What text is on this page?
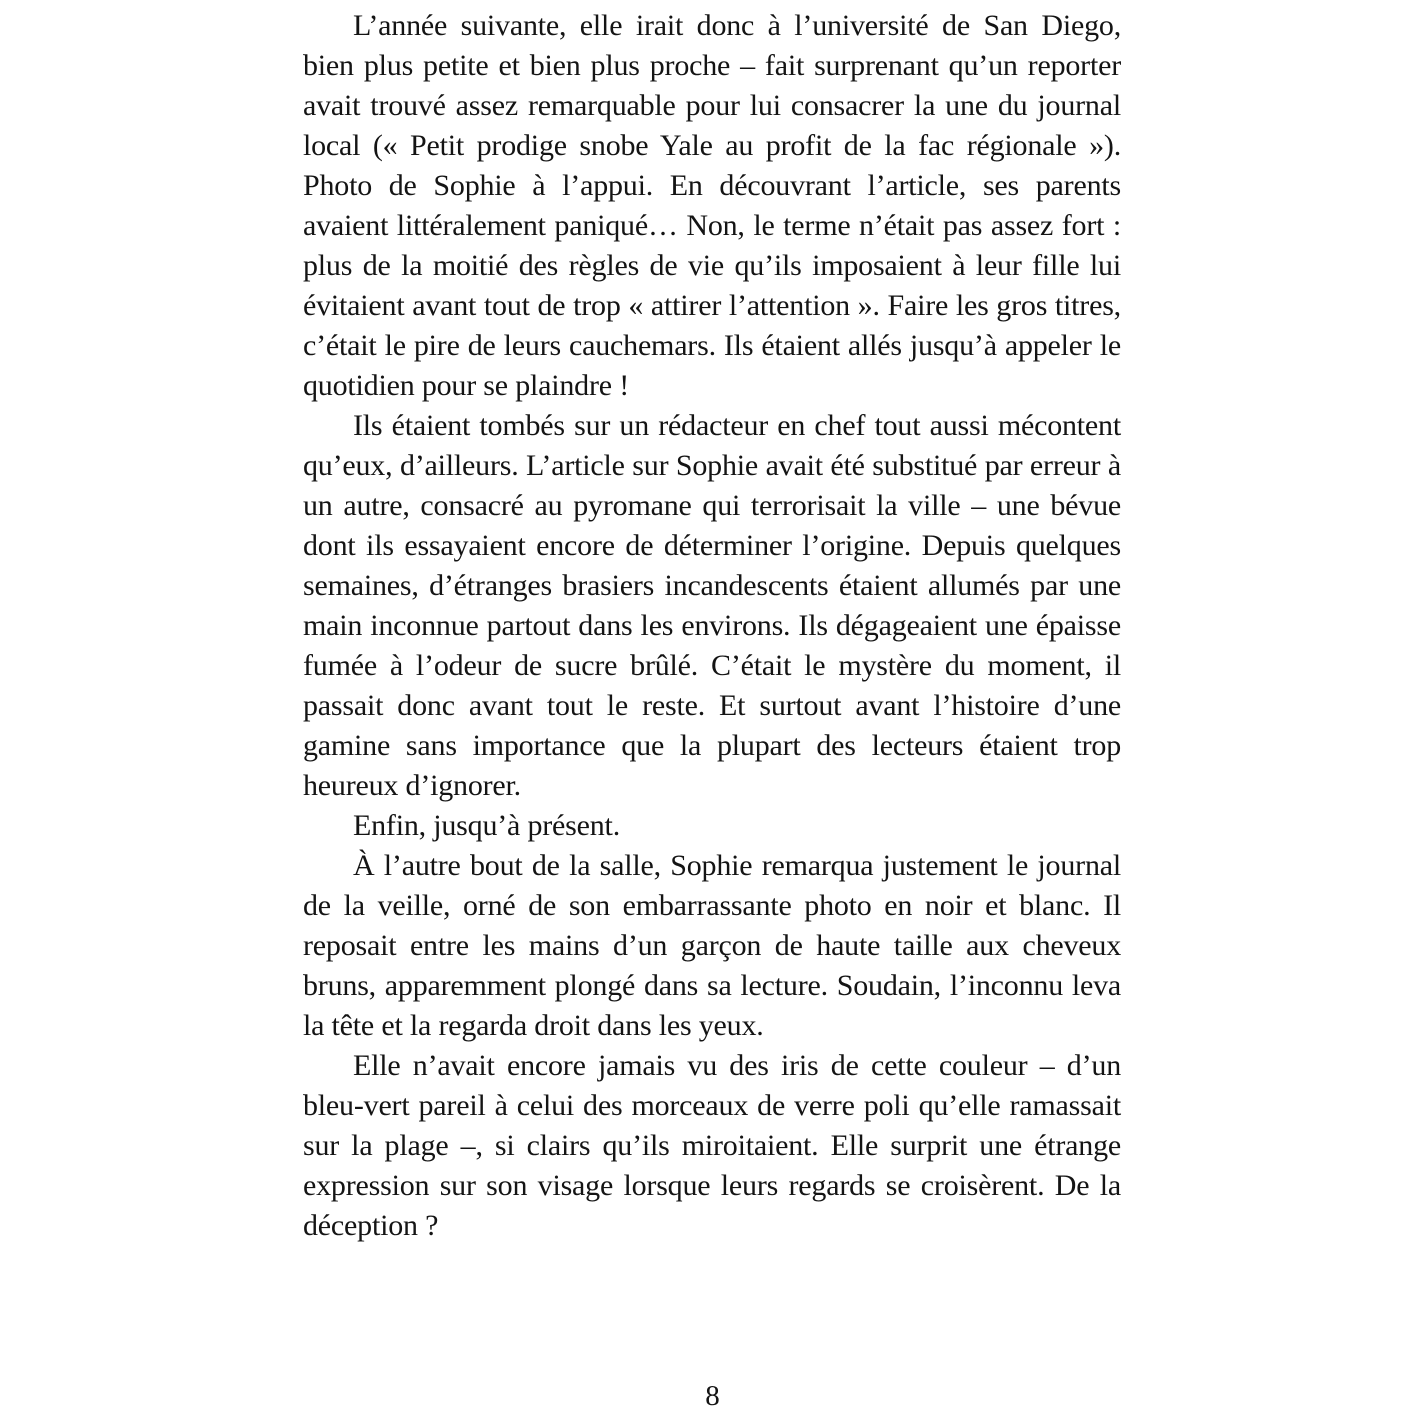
L’année suivante, elle irait donc à l’université de San Diego, bien plus petite et bien plus proche – fait surprenant qu’un reporter avait trouvé assez remarquable pour lui consacrer la une du journal local (« Petit prodige snobe Yale au profit de la fac régionale »). Photo de Sophie à l’appui. En découvrant l’article, ses parents avaient littéralement paniqué… Non, le terme n’était pas assez fort : plus de la moitié des règles de vie qu’ils imposaient à leur fille lui évitaient avant tout de trop « attirer l’attention ». Faire les gros titres, c’était le pire de leurs cauchemars. Ils étaient allés jusqu’à appeler le quotidien pour se plaindre !

Ils étaient tombés sur un rédacteur en chef tout aussi mécontent qu’eux, d’ailleurs. L’article sur Sophie avait été substitué par erreur à un autre, consacré au pyromane qui terrorisait la ville – une bévue dont ils essayaient encore de déterminer l’origine. Depuis quelques semaines, d’étranges brasiers incandescents étaient allumés par une main inconnue partout dans les environs. Ils dégageaient une épaisse fumée à l’odeur de sucre brûlé. C’était le mystère du moment, il passait donc avant tout le reste. Et surtout avant l’histoire d’une gamine sans importance que la plupart des lecteurs étaient trop heureux d’ignorer.

Enfin, jusqu’à présent.

À l’autre bout de la salle, Sophie remarqua justement le journal de la veille, orné de son embarrassante photo en noir et blanc. Il reposait entre les mains d’un garçon de haute taille aux cheveux bruns, apparemment plongé dans sa lecture. Soudain, l’inconnu leva la tête et la regarda droit dans les yeux.

Elle n’avait encore jamais vu des iris de cette couleur – d’un bleu-vert pareil à celui des morceaux de verre poli qu’elle ramassait sur la plage –, si clairs qu’ils miroitaient. Elle surprit une étrange expression sur son visage lorsque leurs regards se croisèrent. De la déception ?

8
